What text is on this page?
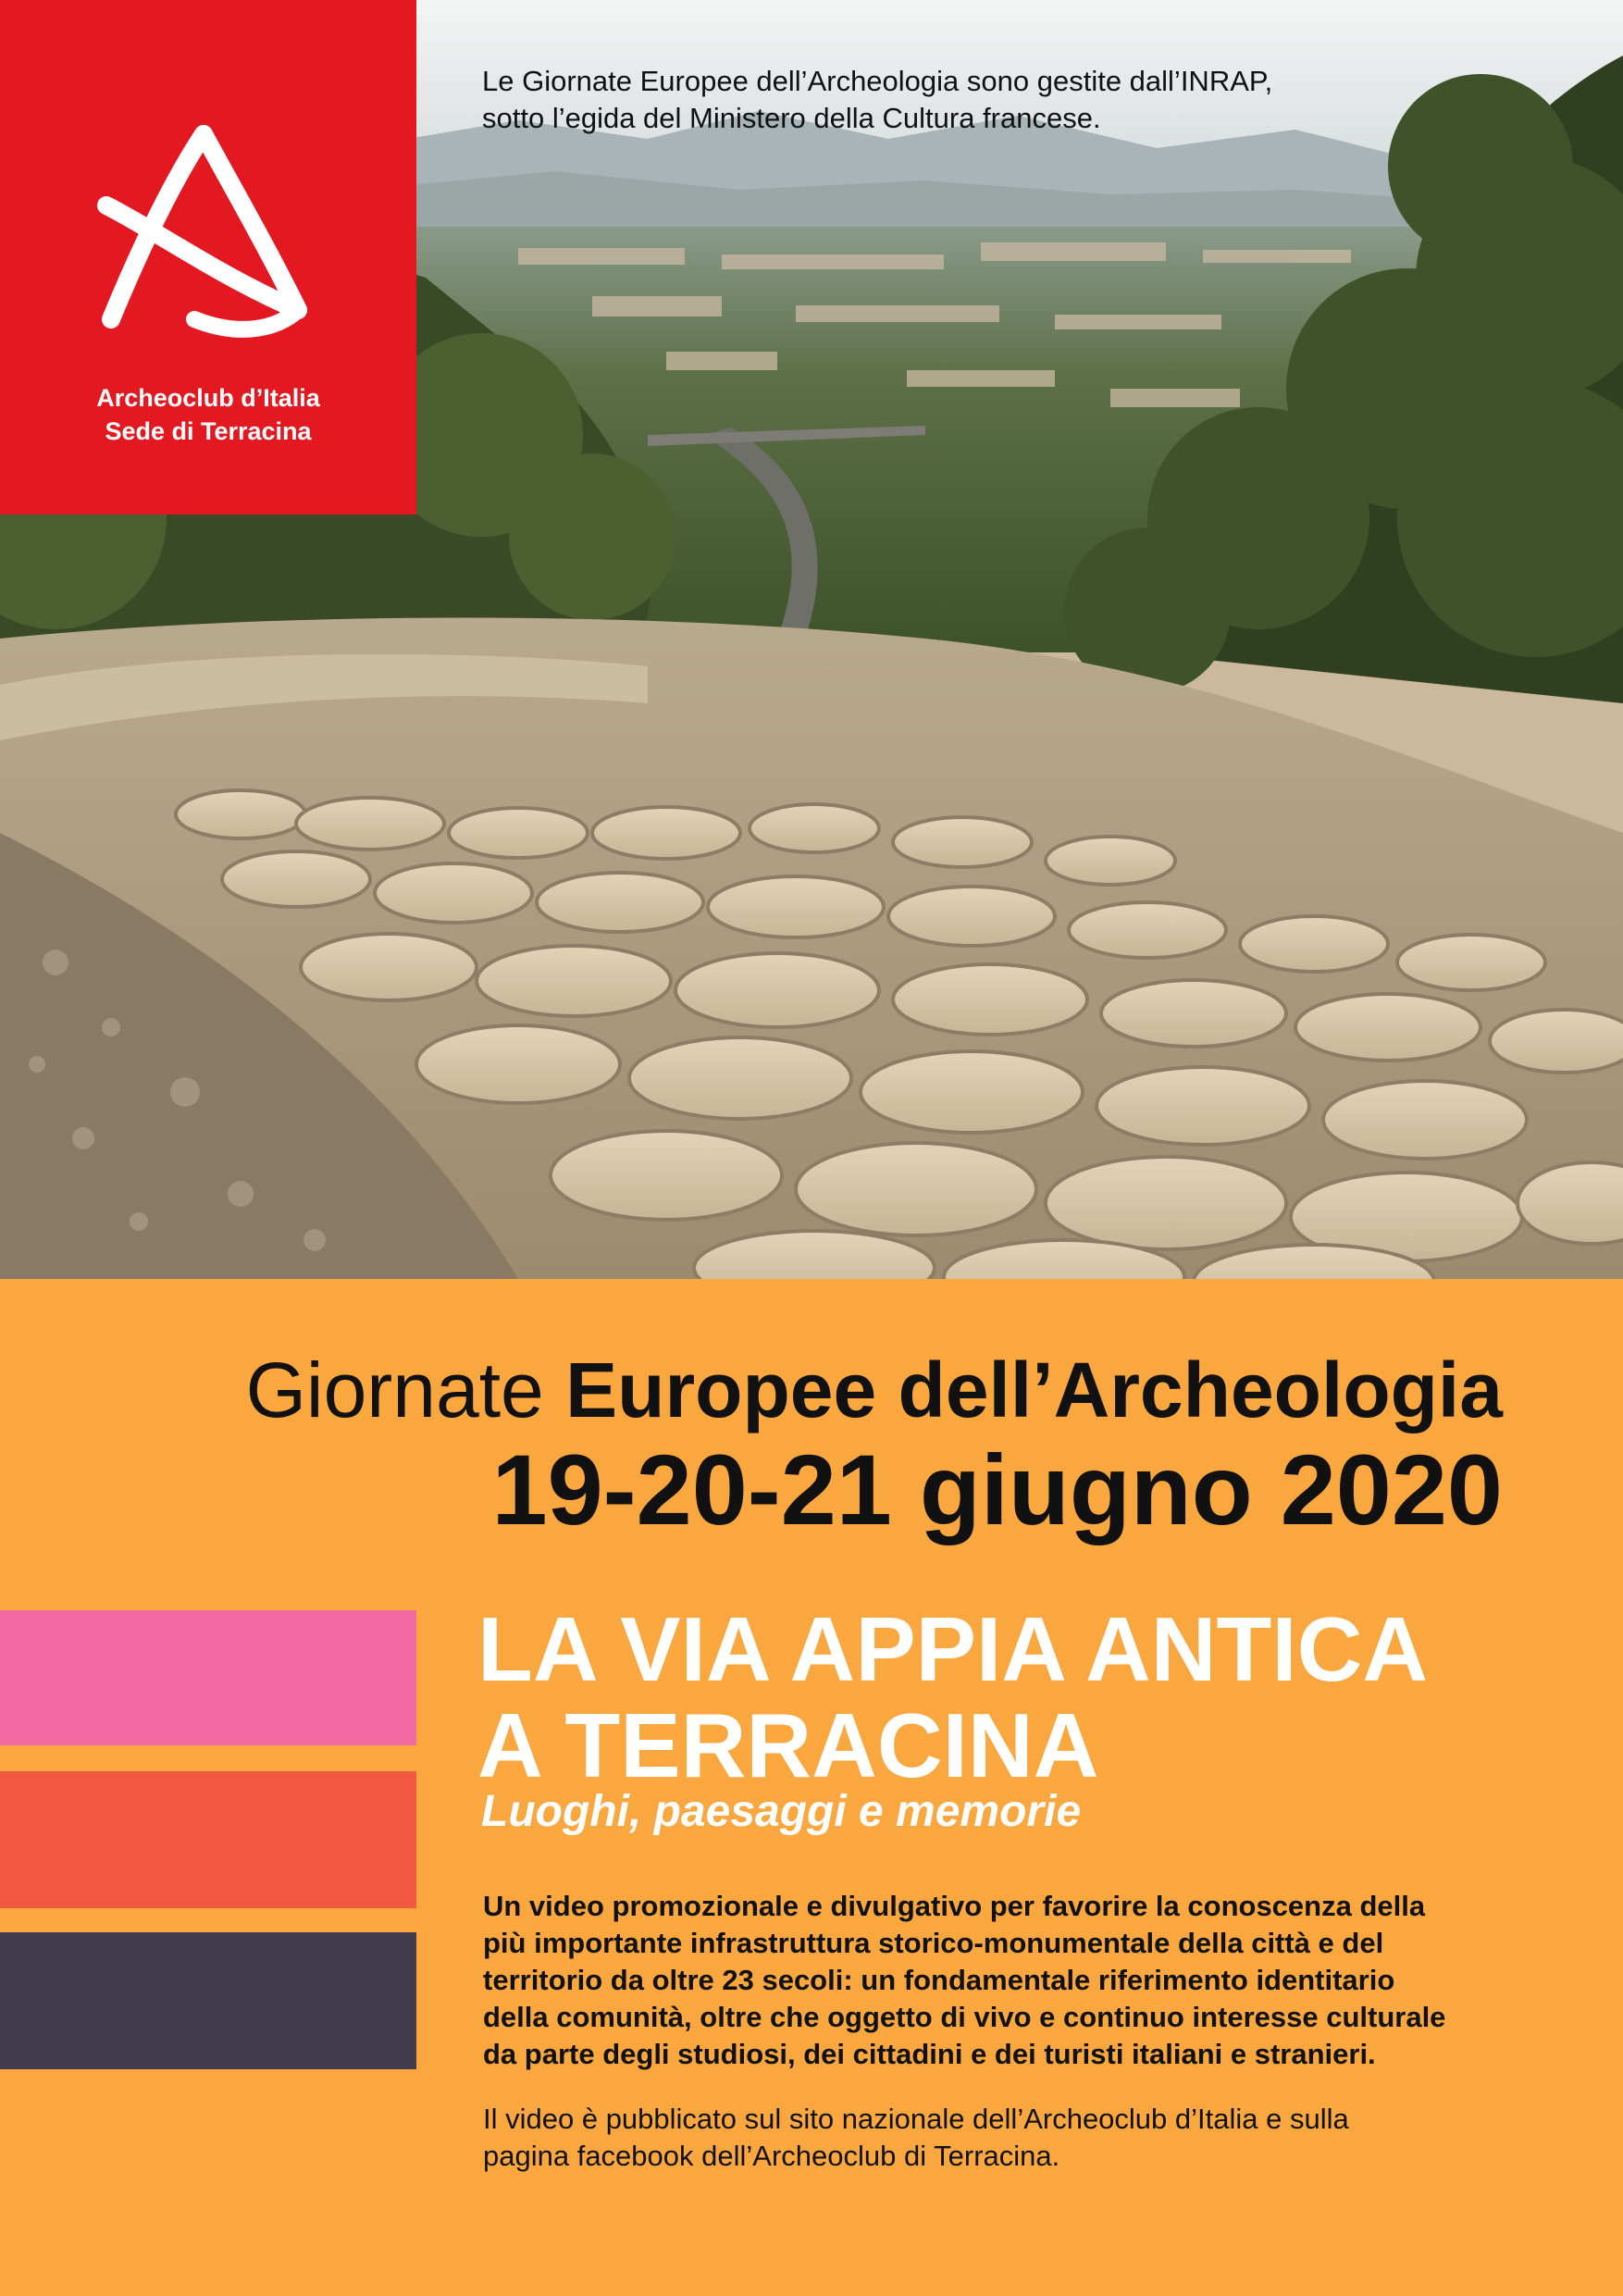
Le Giornate Europee dell’Archeologia sono gestite dall’INRAP,
sotto l’egida del Ministero della Cultura francese.
Archeoclub d’Italia
Sede di Terracina
Giornate Europee dell’Archeologia
19-20-21 giugno 2020
LA VIA APPIA ANTICA
A TERRACINA
Luoghi, paesaggi e memorie
Un video promozionale e divulgativo per favorire la conoscenza della
più importante infrastruttura storico-monumentale della città e del
territorio da oltre 23 secoli: un fondamentale riferimento identitario
della comunità, oltre che oggetto di vivo e continuo interesse culturale
da parte degli studiosi, dei cittadini e dei turisti italiani e stranieri.
Il video è pubblicato sul sito nazionale dell’Archeoclub d’Italia e sulla
pagina facebook dell’Archeoclub di Terracina.
